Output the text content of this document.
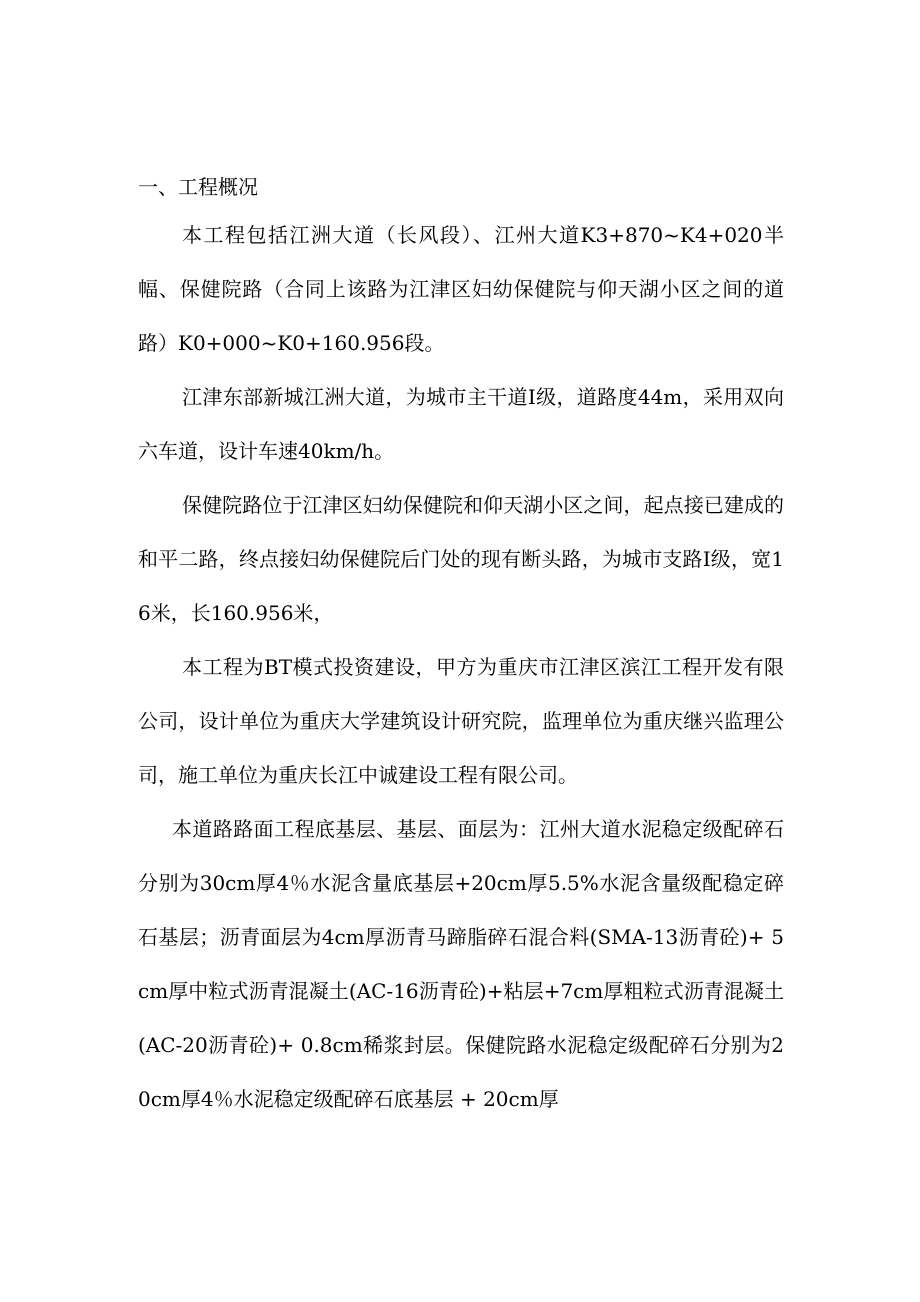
一、工程概况

本工程包括江洲大道（长风段）、江州大道K3+870~K4+020半幅、保健院路（合同上该路为江津区妇幼保健院与仰天湖小区之间的道路）K0+000~K0+160.956段。

江津东部新城江洲大道，为城市主干道Ⅰ级，道路度44m，采用双向六车道，设计车速40km/h。

保健院路位于江津区妇幼保健院和仰天湖小区之间，起点接已建成的和平二路，终点接妇幼保健院后门处的现有断头路，为城市支路Ⅰ级，宽16米，长160.956米，

本工程为BT模式投资建设，甲方为重庆市江津区滨江工程开发有限公司，设计单位为重庆大学建筑设计研究院，监理单位为重庆继兴监理公司，施工单位为重庆长江中诚建设工程有限公司。

本道路路面工程底基层、基层、面层为：江州大道水泥稳定级配碎石分别为30cm厚4％水泥含量底基层+20cm厚5.5%水泥含量级配稳定碎石基层；沥青面层为4cm厚沥青马蹄脂碎石混合料(SMA-13沥青砼)+ 5cm厚中粒式沥青混凝土(AC-16沥青砼)+粘层+7cm厚粗粒式沥青混凝土(AC-20沥青砼)+ 0.8cm稀浆封层。保健院路水泥稳定级配碎石分别为20cm厚4％水泥稳定级配碎石底基层 + 20cm厚
